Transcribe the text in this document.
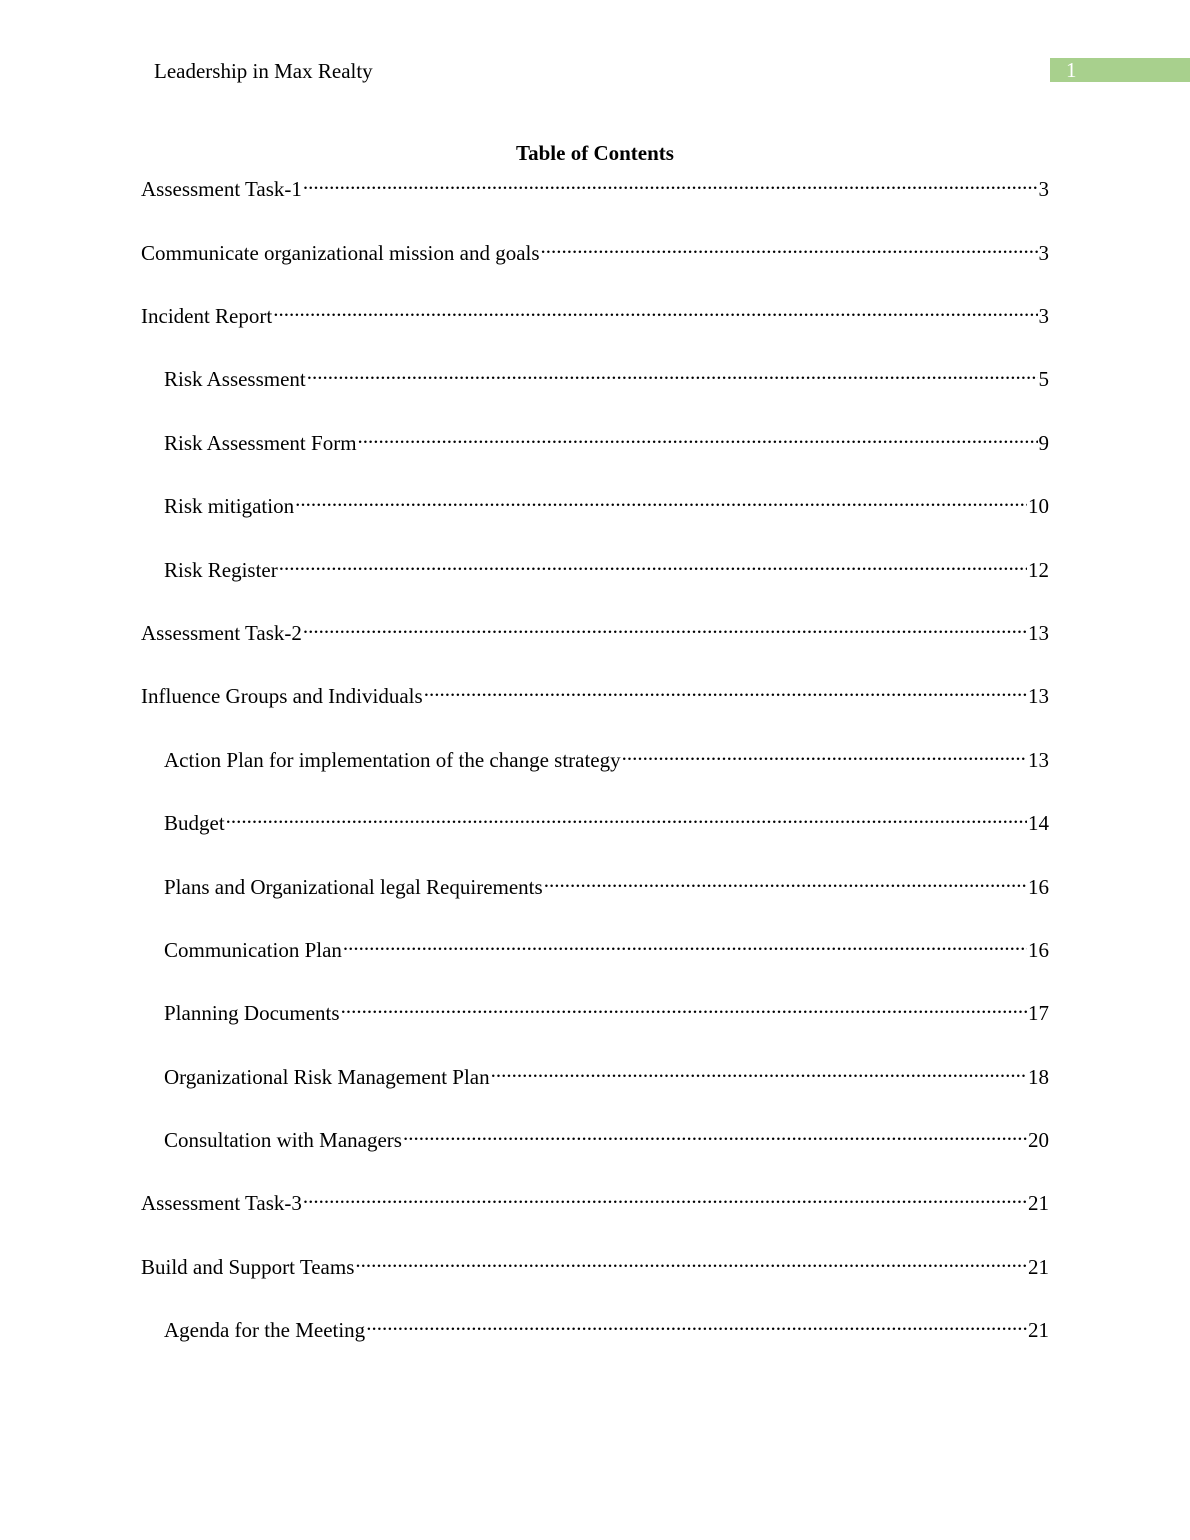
Leadership in Max Realty	1
Table of Contents
Assessment Task-1 .....	3
Communicate organizational mission and goals .....	3
Incident Report .....	3
Risk Assessment .....	5
Risk Assessment Form .....	9
Risk mitigation .....	10
Risk Register .....	12
Assessment Task-2 .....	13
Influence Groups and Individuals .....	13
Action Plan for implementation of the change strategy .....	13
Budget .....	14
Plans and Organizational legal Requirements .....	16
Communication Plan .....	16
Planning Documents .....	17
Organizational Risk Management Plan .....	18
Consultation with Managers .....	20
Assessment Task-3 .....	21
Build and Support Teams .....	21
Agenda for the Meeting .....	21
